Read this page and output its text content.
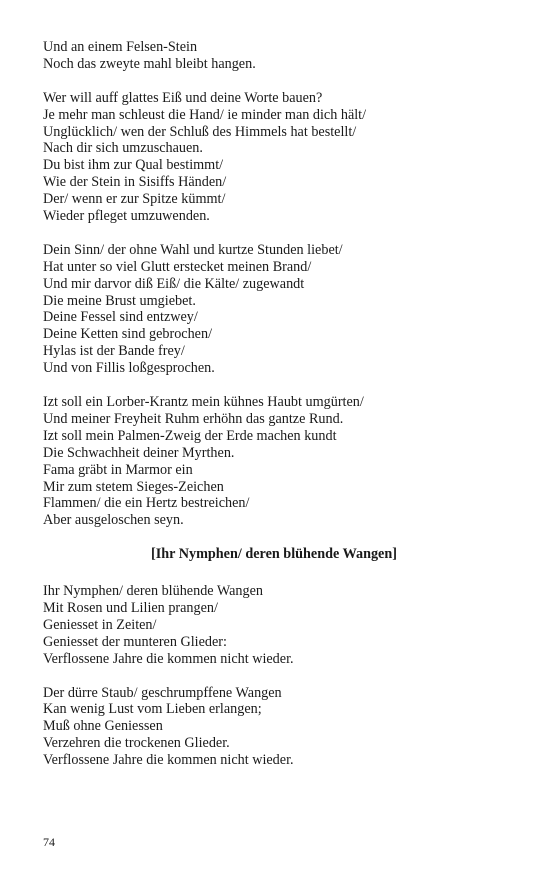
Und an einem Felsen-Stein
Noch das zweyte mahl bleibt hangen.
Wer will auff glattes Eiß und deine Worte bauen?
Je mehr man schleust die Hand/ ie minder man dich hält/
Unglücklich/ wen der Schluß des Himmels hat bestellt/
Nach dir sich umzuschauen.
Du bist ihm zur Qual bestimmt/
Wie der Stein in Sisiffs Händen/
Der/ wenn er zur Spitze kümmt/
Wieder pfleget umzuwenden.
Dein Sinn/ der ohne Wahl und kurtze Stunden liebet/
Hat unter so viel Glutt erstecket meinen Brand/
Und mir darvor diß Eiß/ die Kälte/ zugewandt
Die meine Brust umgiebet.
Deine Fessel sind entzwey/
Deine Ketten sind gebrochen/
Hylas ist der Bande frey/
Und von Fillis loßgesprochen.
Izt soll ein Lorber-Krantz mein kühnes Haubt umgürten/
Und meiner Freyheit Ruhm erhöhn das gantze Rund.
Izt soll mein Palmen-Zweig der Erde machen kundt
Die Schwachheit deiner Myrthen.
Fama gräbt in Marmor ein
Mir zum stetem Sieges-Zeichen
Flammen/ die ein Hertz bestreichen/
Aber ausgeloschen seyn.
[Ihr Nymphen/ deren blühende Wangen]
Ihr Nymphen/ deren blühende Wangen
Mit Rosen und Lilien prangen/
Geniesset in Zeiten/
Geniesset der munteren Glieder:
Verflossene Jahre die kommen nicht wieder.
Der dürre Staub/ geschrumpffene Wangen
Kan wenig Lust vom Lieben erlangen;
Muß ohne Geniessen
Verzehren die trockenen Glieder.
Verflossene Jahre die kommen nicht wieder.
74
